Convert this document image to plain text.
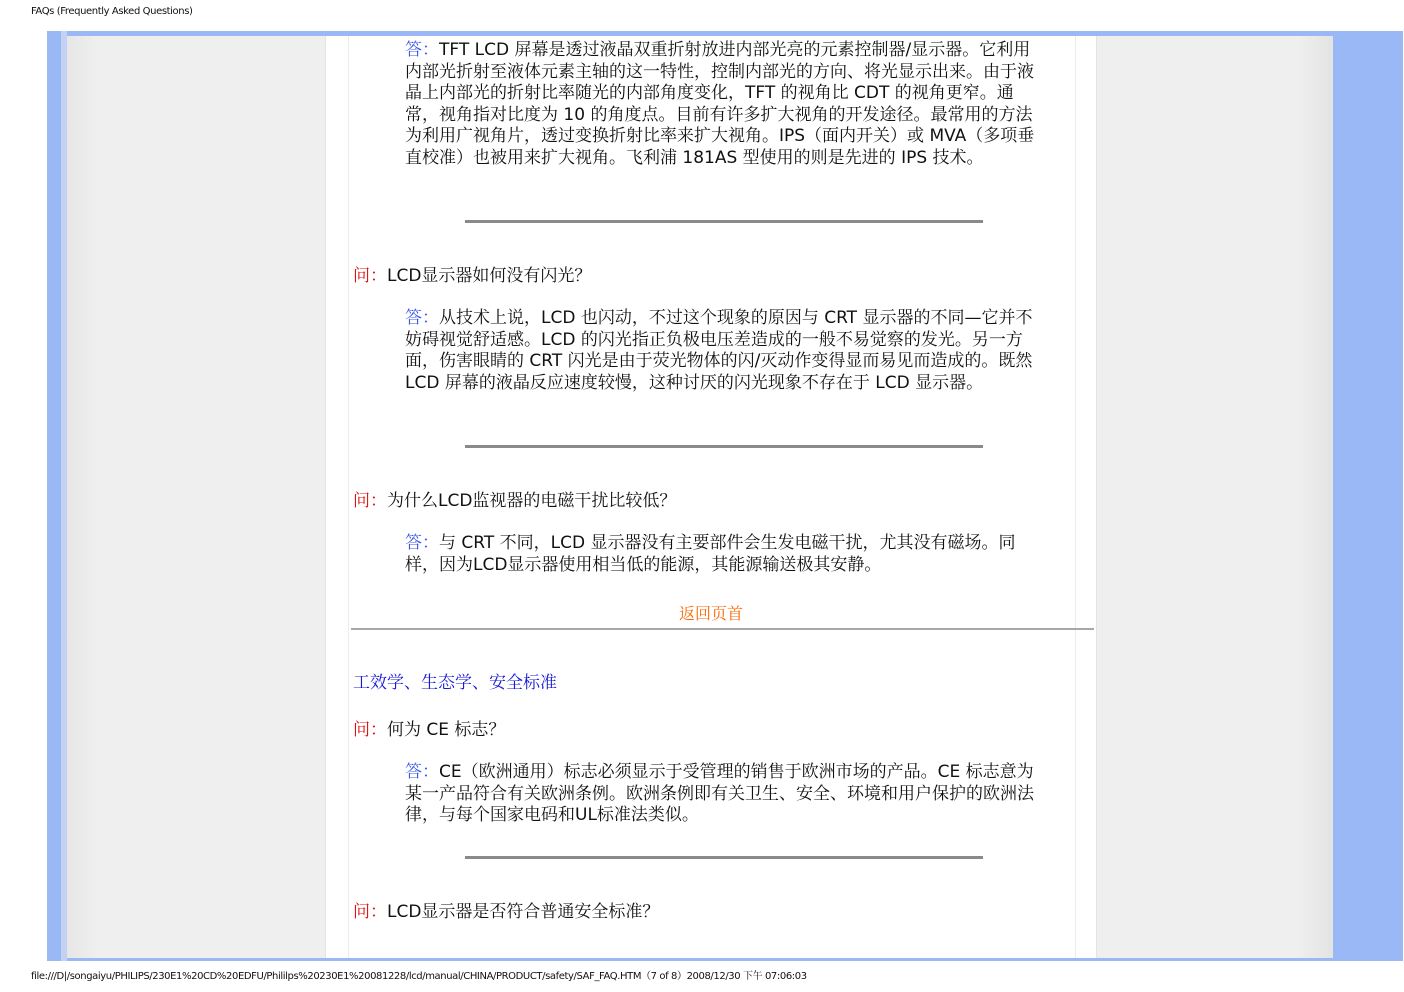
FAQs (Frequently Asked Questions)
答：TFT LCD 屏幕是透过液晶双重折射放进内部光亮的元素控制器/显示器。它利用内部光折射至液体元素主轴的这一特性，控制内部光的方向、将光显示出来。由于液晶上内部光的折射比率随光的内部角度变化，TFT 的视角比 CDT 的视角更窄。通常，视角指对比度为 10 的角度点。目前有许多扩大视角的开发途径。最常用的方法为利用广视角片，透过变换折射比率来扩大视角。IPS（面内开关）或 MVA（多项垂直校准）也被用来扩大视角。飞利浦 181AS 型使用的则是先进的 IPS 技术。
问：LCD显示器如何没有闪光？
答：从技术上说，LCD 也闪动，不过这个现象的原因与 CRT 显示器的不同—它并不妨碍视觉舒适感。LCD 的闪光指正负极电压差造成的一般不易觉察的发光。另一方面，伤害眼睛的 CRT 闪光是由于荧光物体的闪/灭动作变得显而易见而造成的。既然 LCD 屏幕的液晶反应速度较慢，这种讨厌的闪光现象不存在于 LCD 显示器。
问：为什么LCD监视器的电磁干扰比较低？
答：与 CRT 不同，LCD 显示器没有主要部件会生发电磁干扰，尤其没有磁场。同样，因为LCD显示器使用相当低的能源，其能源输送极其安静。
返回页首
工效学、生态学、安全标准
问：何为 CE 标志？
答：CE（欧洲通用）标志必须显示于受管理的销售于欧洲市场的产品。CE 标志意为某一产品符合有关欧洲条例。欧洲条例即有关卫生、安全、环境和用户保护的欧洲法律，与每个国家电码和UL标准法类似。
问：LCD显示器是否符合普通安全标准？
file:///D|/songaiyu/PHILIPS/230E1%20CD%20EDFU/Phililps%20230E1%20081228/lcd/manual/CHINA/PRODUCT/safety/SAF_FAQ.HTM（7 of 8）2008/12/30 下午 07:06:03
